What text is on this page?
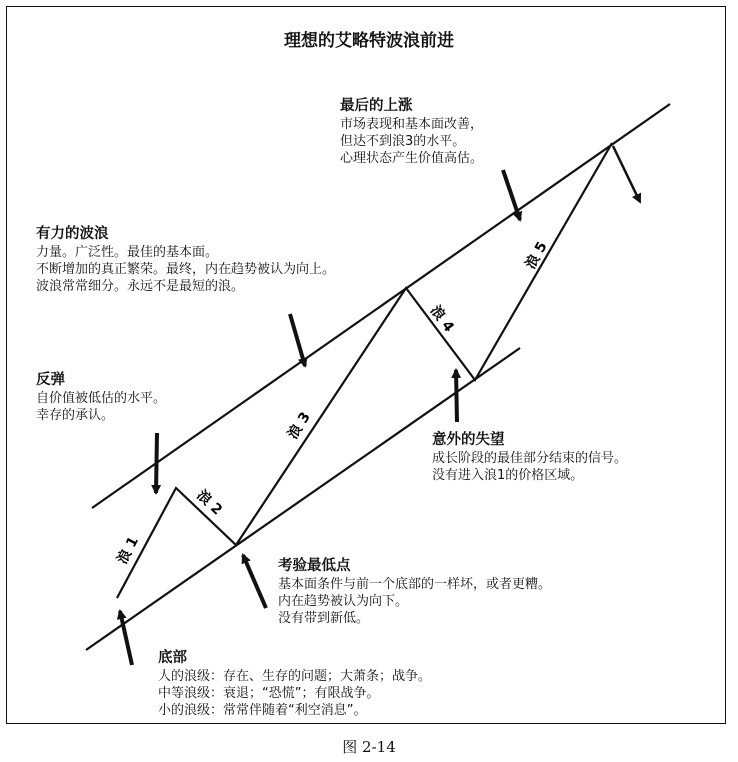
浪 1
浪 2
浪 3
浪 4
浪 5
理想的艾略特波浪前进
最后的上涨
市场表现和基本面改善，
但达不到浪3的水平。
心理状态产生价值高估。
有力的波浪
力量。广泛性。最佳的基本面。
不断增加的真正繁荣。最终，内在趋势被认为向上。
波浪常常细分。永远不是最短的浪。
反弹
自价值被低估的水平。
幸存的承认。
意外的失望
成长阶段的最佳部分结束的信号。
没有进入浪1的价格区域。
考验最低点
基本面条件与前一个底部的一样坏，或者更糟。
内在趋势被认为向下。
没有带到新低。
底部
人的浪级：存在、生存的问题；大萧条；战争。
中等浪级：衰退；“恐慌”；有限战争。
小的浪级：常常伴随着“利空消息”。
图 2-14
